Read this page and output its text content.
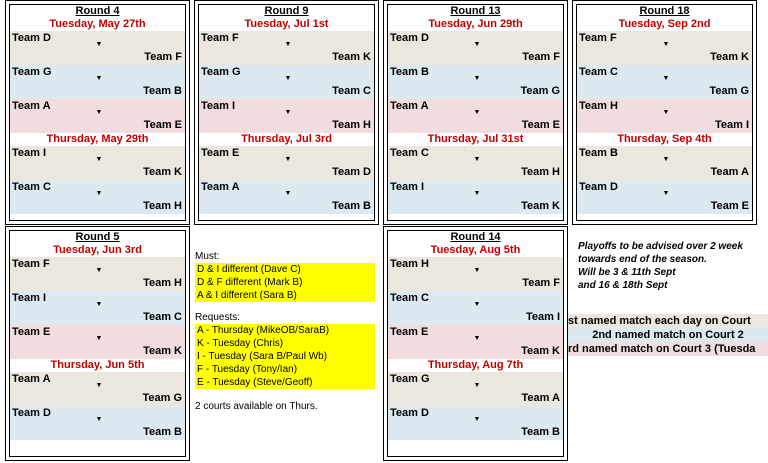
Round 4
Tuesday, May 27th
Team D
▼
Team F
Team G
▼
Team B
Team A
▼
Team E
Thursday, May 29th
Team I
▼
Team K
Team C
▼
Team H
Round 9
Tuesday, Jul 1st
Team F
▼
Team K
Team G
▼
Team C
Team I
▼
Team H
Thursday, Jul 3rd
Team E
▼
Team D
Team A
▼
Team B
Round 13
Tuesday, Jun 29th
Team D
▼
Team F
Team B
▼
Team G
Team A
▼
Team E
Thursday, Jul 31st
Team C
▼
Team H
Team I
▼
Team K
Round 18
Tuesday, Sep 2nd
Team F
▼
Team K
Team C
▼
Team G
Team H
▼
Team I
Thursday, Sep 4th
Team B
▼
Team A
Team D
▼
Team E
Round 5
Tuesday, Jun 3rd
Team F
▼
Team H
Team I
▼
Team C
Team E
▼
Team K
Thursday, Jun 5th
Team A
▼
Team G
Team D
▼
Team B
Round 14
Tuesday, Aug 5th
Team H
▼
Team F
Team C
▼
Team I
Team E
▼
Team K
Thursday, Aug 7th
Team G
▼
Team A
Team D
▼
Team B
Must:
D & I different (Dave C)
D & F different (Mark B)
A & I different (Sara B)
Requests:
A - Thursday (MikeOB/SaraB)
K - Tuesday (Chris)
I - Tuesday (Sara B/Paul Wb)
F - Tuesday (Tony/Ian)
E - Tuesday (Steve/Geoff)
2 courts available on Thurs.
Playoffs to be advised over 2 week
towards end of the season.
Will be 3 & 11th Sept
and 16 & 18th Sept
st named match each day on Court
2nd named match on Court 2
rd named match on Court 3 (Tuesda
